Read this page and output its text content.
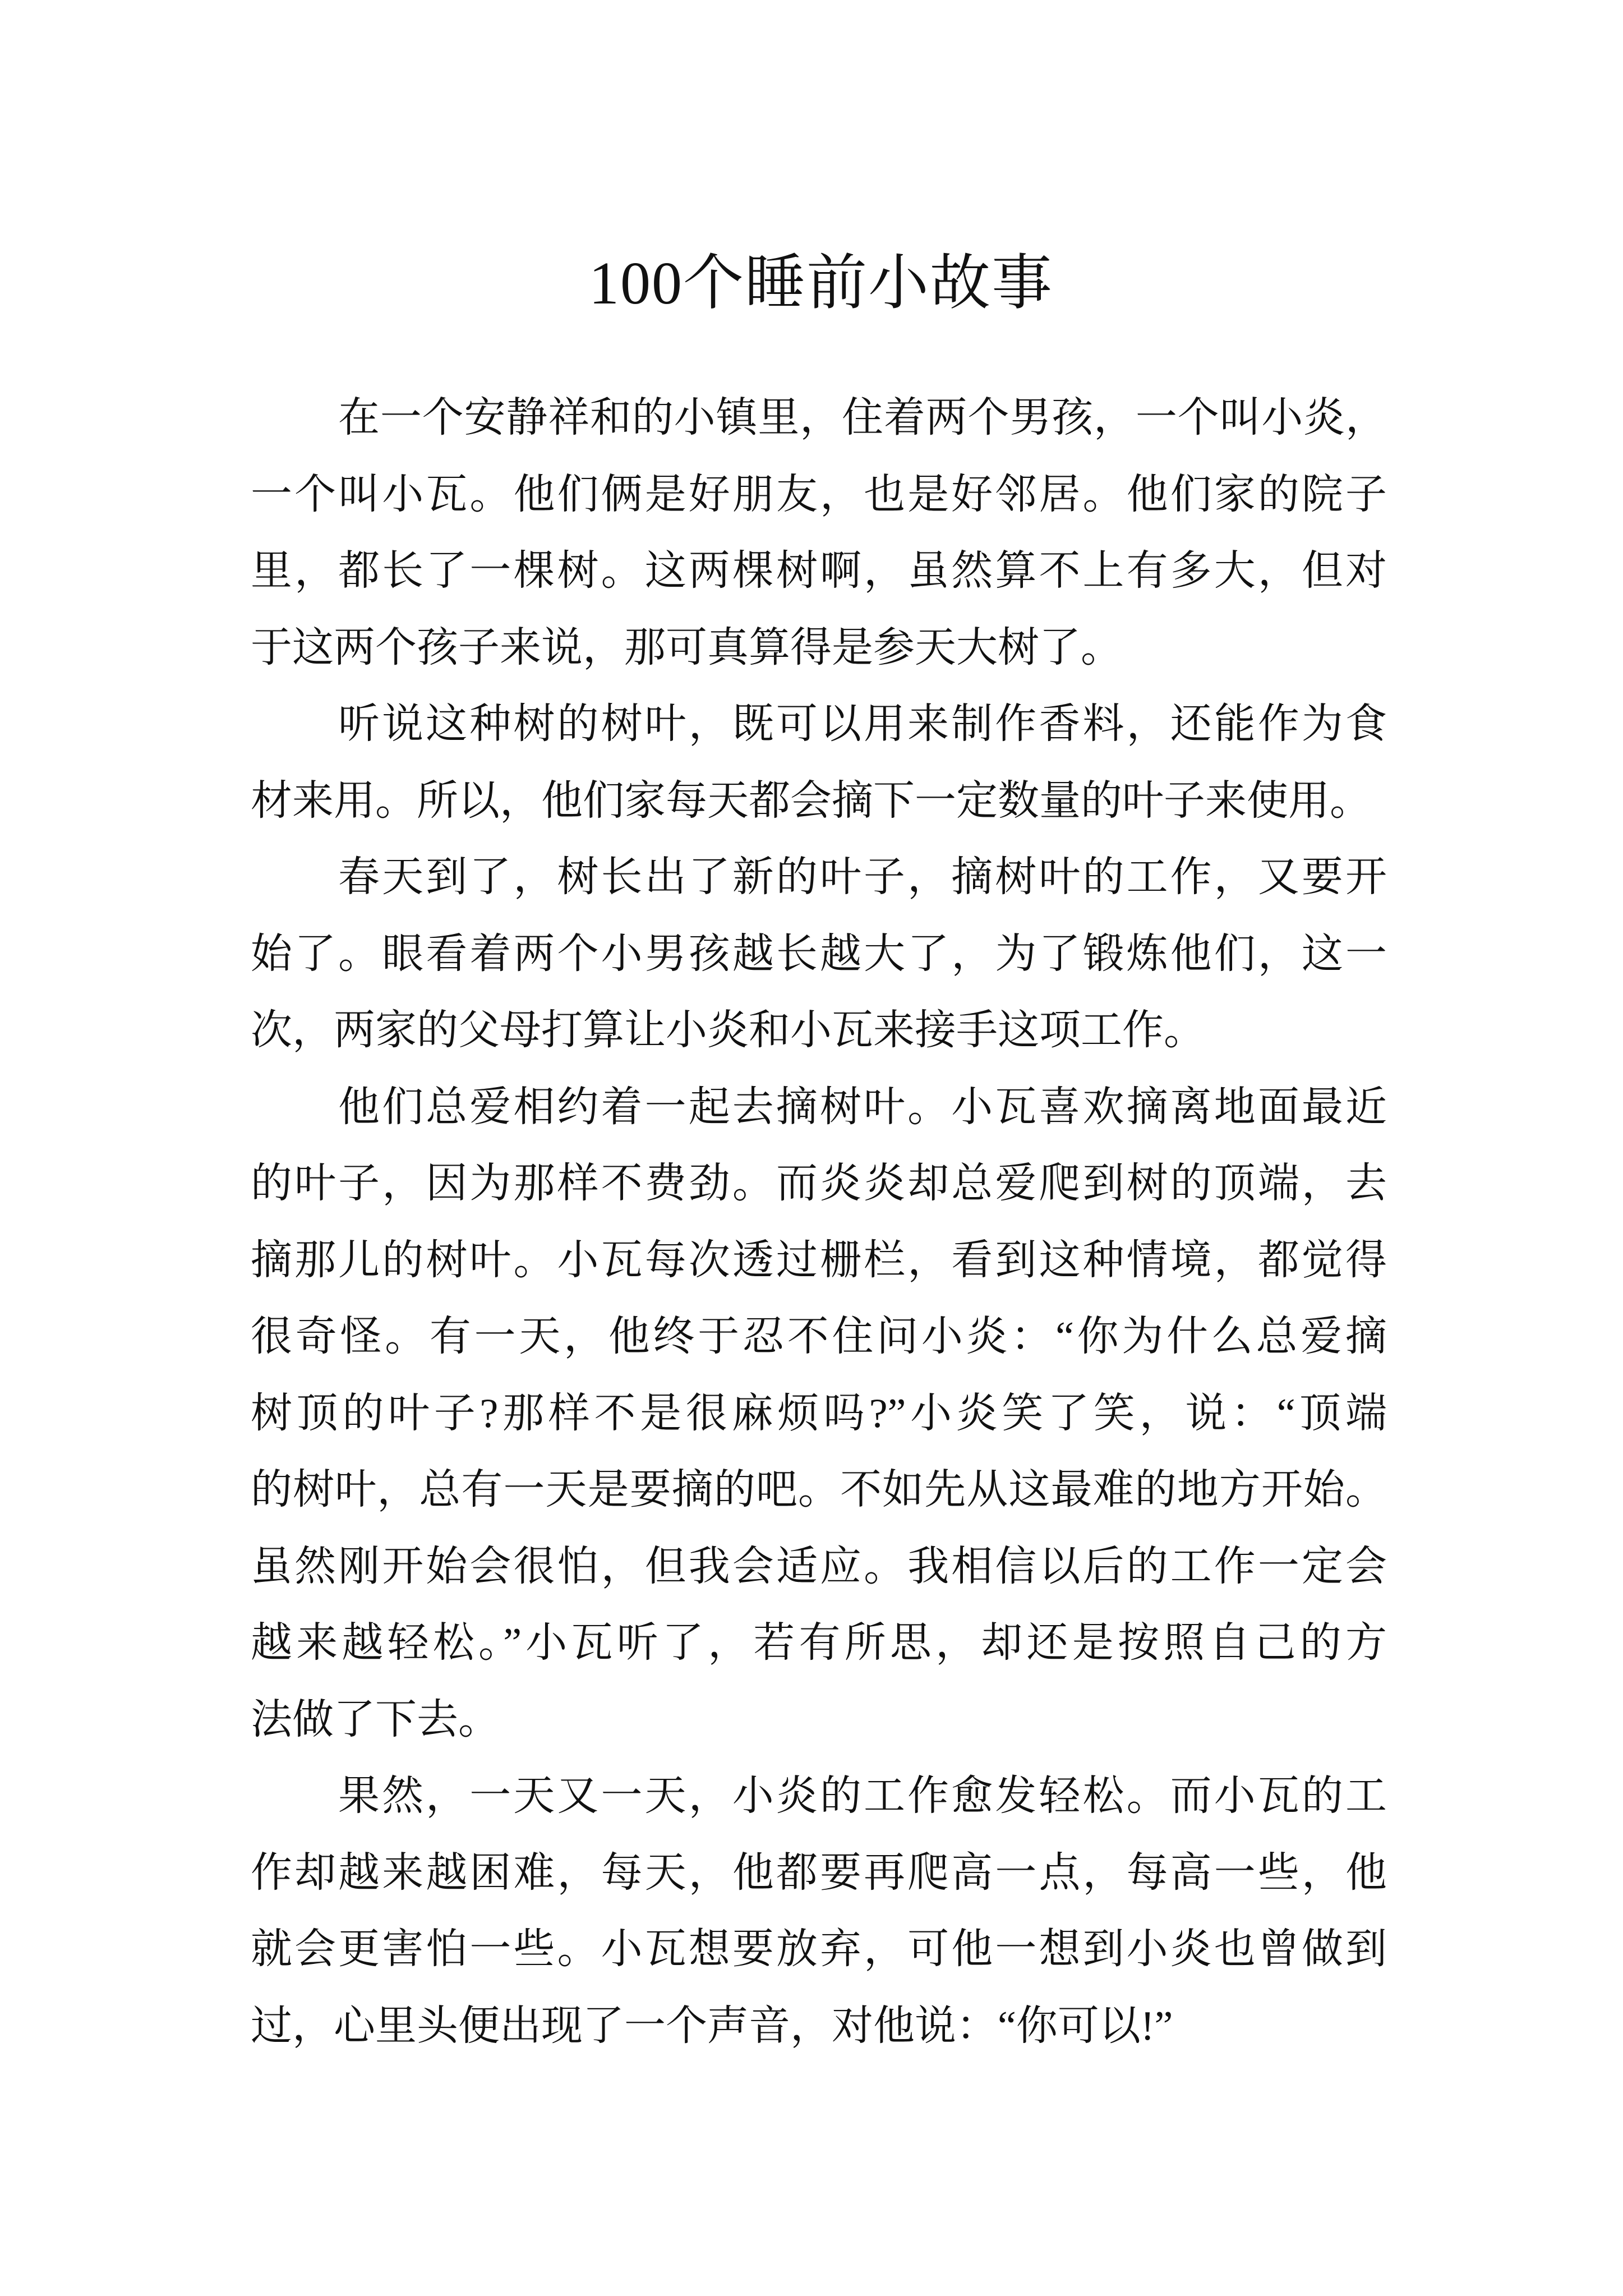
100个睡前小故事
在一个安静祥和的小镇里，住着两个男孩，一个叫小炎，
一个叫小瓦。他们俩是好朋友，也是好邻居。他们家的院子
里，都长了一棵树。这两棵树啊，虽然算不上有多大，但对
于这两个孩子来说，那可真算得是参天大树了。
听说这种树的树叶，既可以用来制作香料，还能作为食
材来用。所以，他们家每天都会摘下一定数量的叶子来使用。
春天到了，树长出了新的叶子，摘树叶的工作，又要开
始了。眼看着两个小男孩越长越大了，为了锻炼他们，这一
次，两家的父母打算让小炎和小瓦来接手这项工作。
他们总爱相约着一起去摘树叶。小瓦喜欢摘离地面最近
的叶子，因为那样不费劲。而炎炎却总爱爬到树的顶端，去
摘那儿的树叶。小瓦每次透过栅栏，看到这种情境，都觉得
很奇怪。有一天，他终于忍不住问小炎：“你为什么总爱摘
树顶的叶子?那样不是很麻烦吗?”小炎笑了笑，说：“顶端
的树叶，总有一天是要摘的吧。不如先从这最难的地方开始。
虽然刚开始会很怕，但我会适应。我相信以后的工作一定会
越来越轻松。”小瓦听了，若有所思，却还是按照自己的方
法做了下去。
果然，一天又一天，小炎的工作愈发轻松。而小瓦的工
作却越来越困难，每天，他都要再爬高一点，每高一些，他
就会更害怕一些。小瓦想要放弃，可他一想到小炎也曾做到
过，心里头便出现了一个声音，对他说：“你可以!”
